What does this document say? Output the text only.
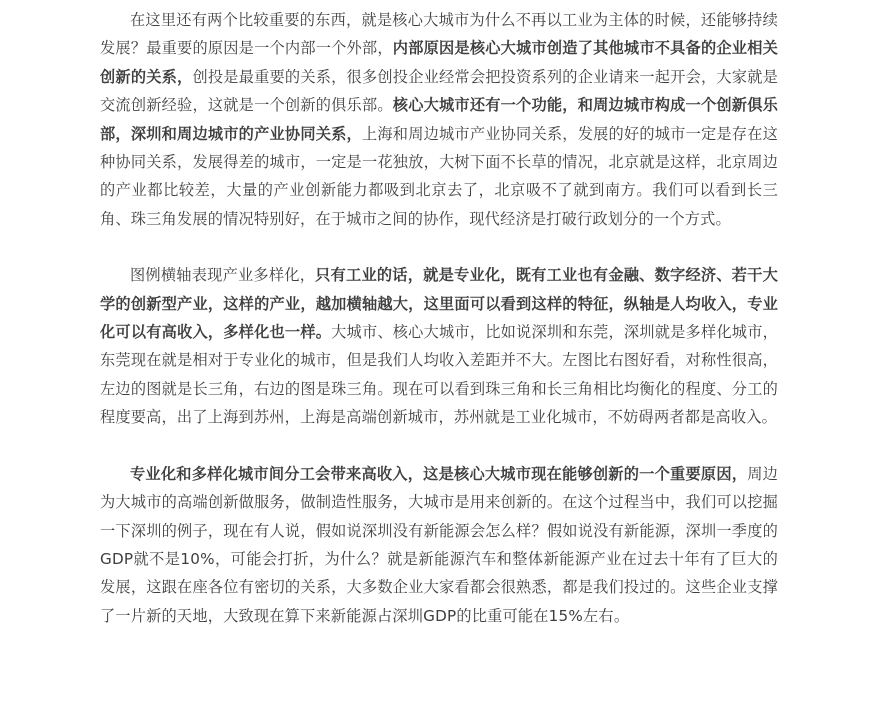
在这里还有两个比较重要的东西，就是核心大城市为什么不再以工业为主体的时候，还能够持续发展？最重要的原因是一个内部一个外部，内部原因是核心大城市创造了其他城市不具备的企业相关创新的关系，创投是最重要的关系，很多创投企业经常会把投资系列的企业请来一起开会，大家就是交流创新经验，这就是一个创新的俱乐部。核心大城市还有一个功能，和周边城市构成一个创新俱乐部，深圳和周边城市的产业协同关系，上海和周边城市产业协同关系，发展的好的城市一定是存在这种协同关系，发展得差的城市，一定是一花独放，大树下面不长草的情况，北京就是这样，北京周边的产业都比较差，大量的产业创新能力都吸到北京去了，北京吸不了就到南方。我们可以看到长三角、珠三角发展的情况特别好，在于城市之间的协作，现代经济是打破行政划分的一个方式。

图例横轴表现产业多样化，只有工业的话，就是专业化，既有工业也有金融、数字经济、若干大学的创新型产业，这样的产业，越加横轴越大，这里面可以看到这样的特征，纵轴是人均收入，专业化可以有高收入，多样化也一样。大城市、核心大城市，比如说深圳和东莞，深圳就是多样化城市，东莞现在就是相对于专业化的城市，但是我们人均收入差距并不大。左图比右图好看，对称性很高，左边的图就是长三角，右边的图是珠三角。现在可以看到珠三角和长三角相比均衡化的程度、分工的程度要高，出了上海到苏州，上海是高端创新城市，苏州就是工业化城市，不妨碍两者都是高收入。

专业化和多样化城市间分工会带来高收入，这是核心大城市现在能够创新的一个重要原因，周边为大城市的高端创新做服务，做制造性服务，大城市是用来创新的。在这个过程当中，我们可以挖掘一下深圳的例子，现在有人说，假如说深圳没有新能源会怎么样？假如说没有新能源，深圳一季度的GDP就不是10%，可能会打折，为什么？就是新能源汽车和整体新能源产业在过去十年有了巨大的发展，这跟在座各位有密切的关系，大多数企业大家看都会很熟悉，都是我们投过的。这些企业支撑了一片新的天地，大致现在算下来新能源占深圳GDP的比重可能在15%左右。
